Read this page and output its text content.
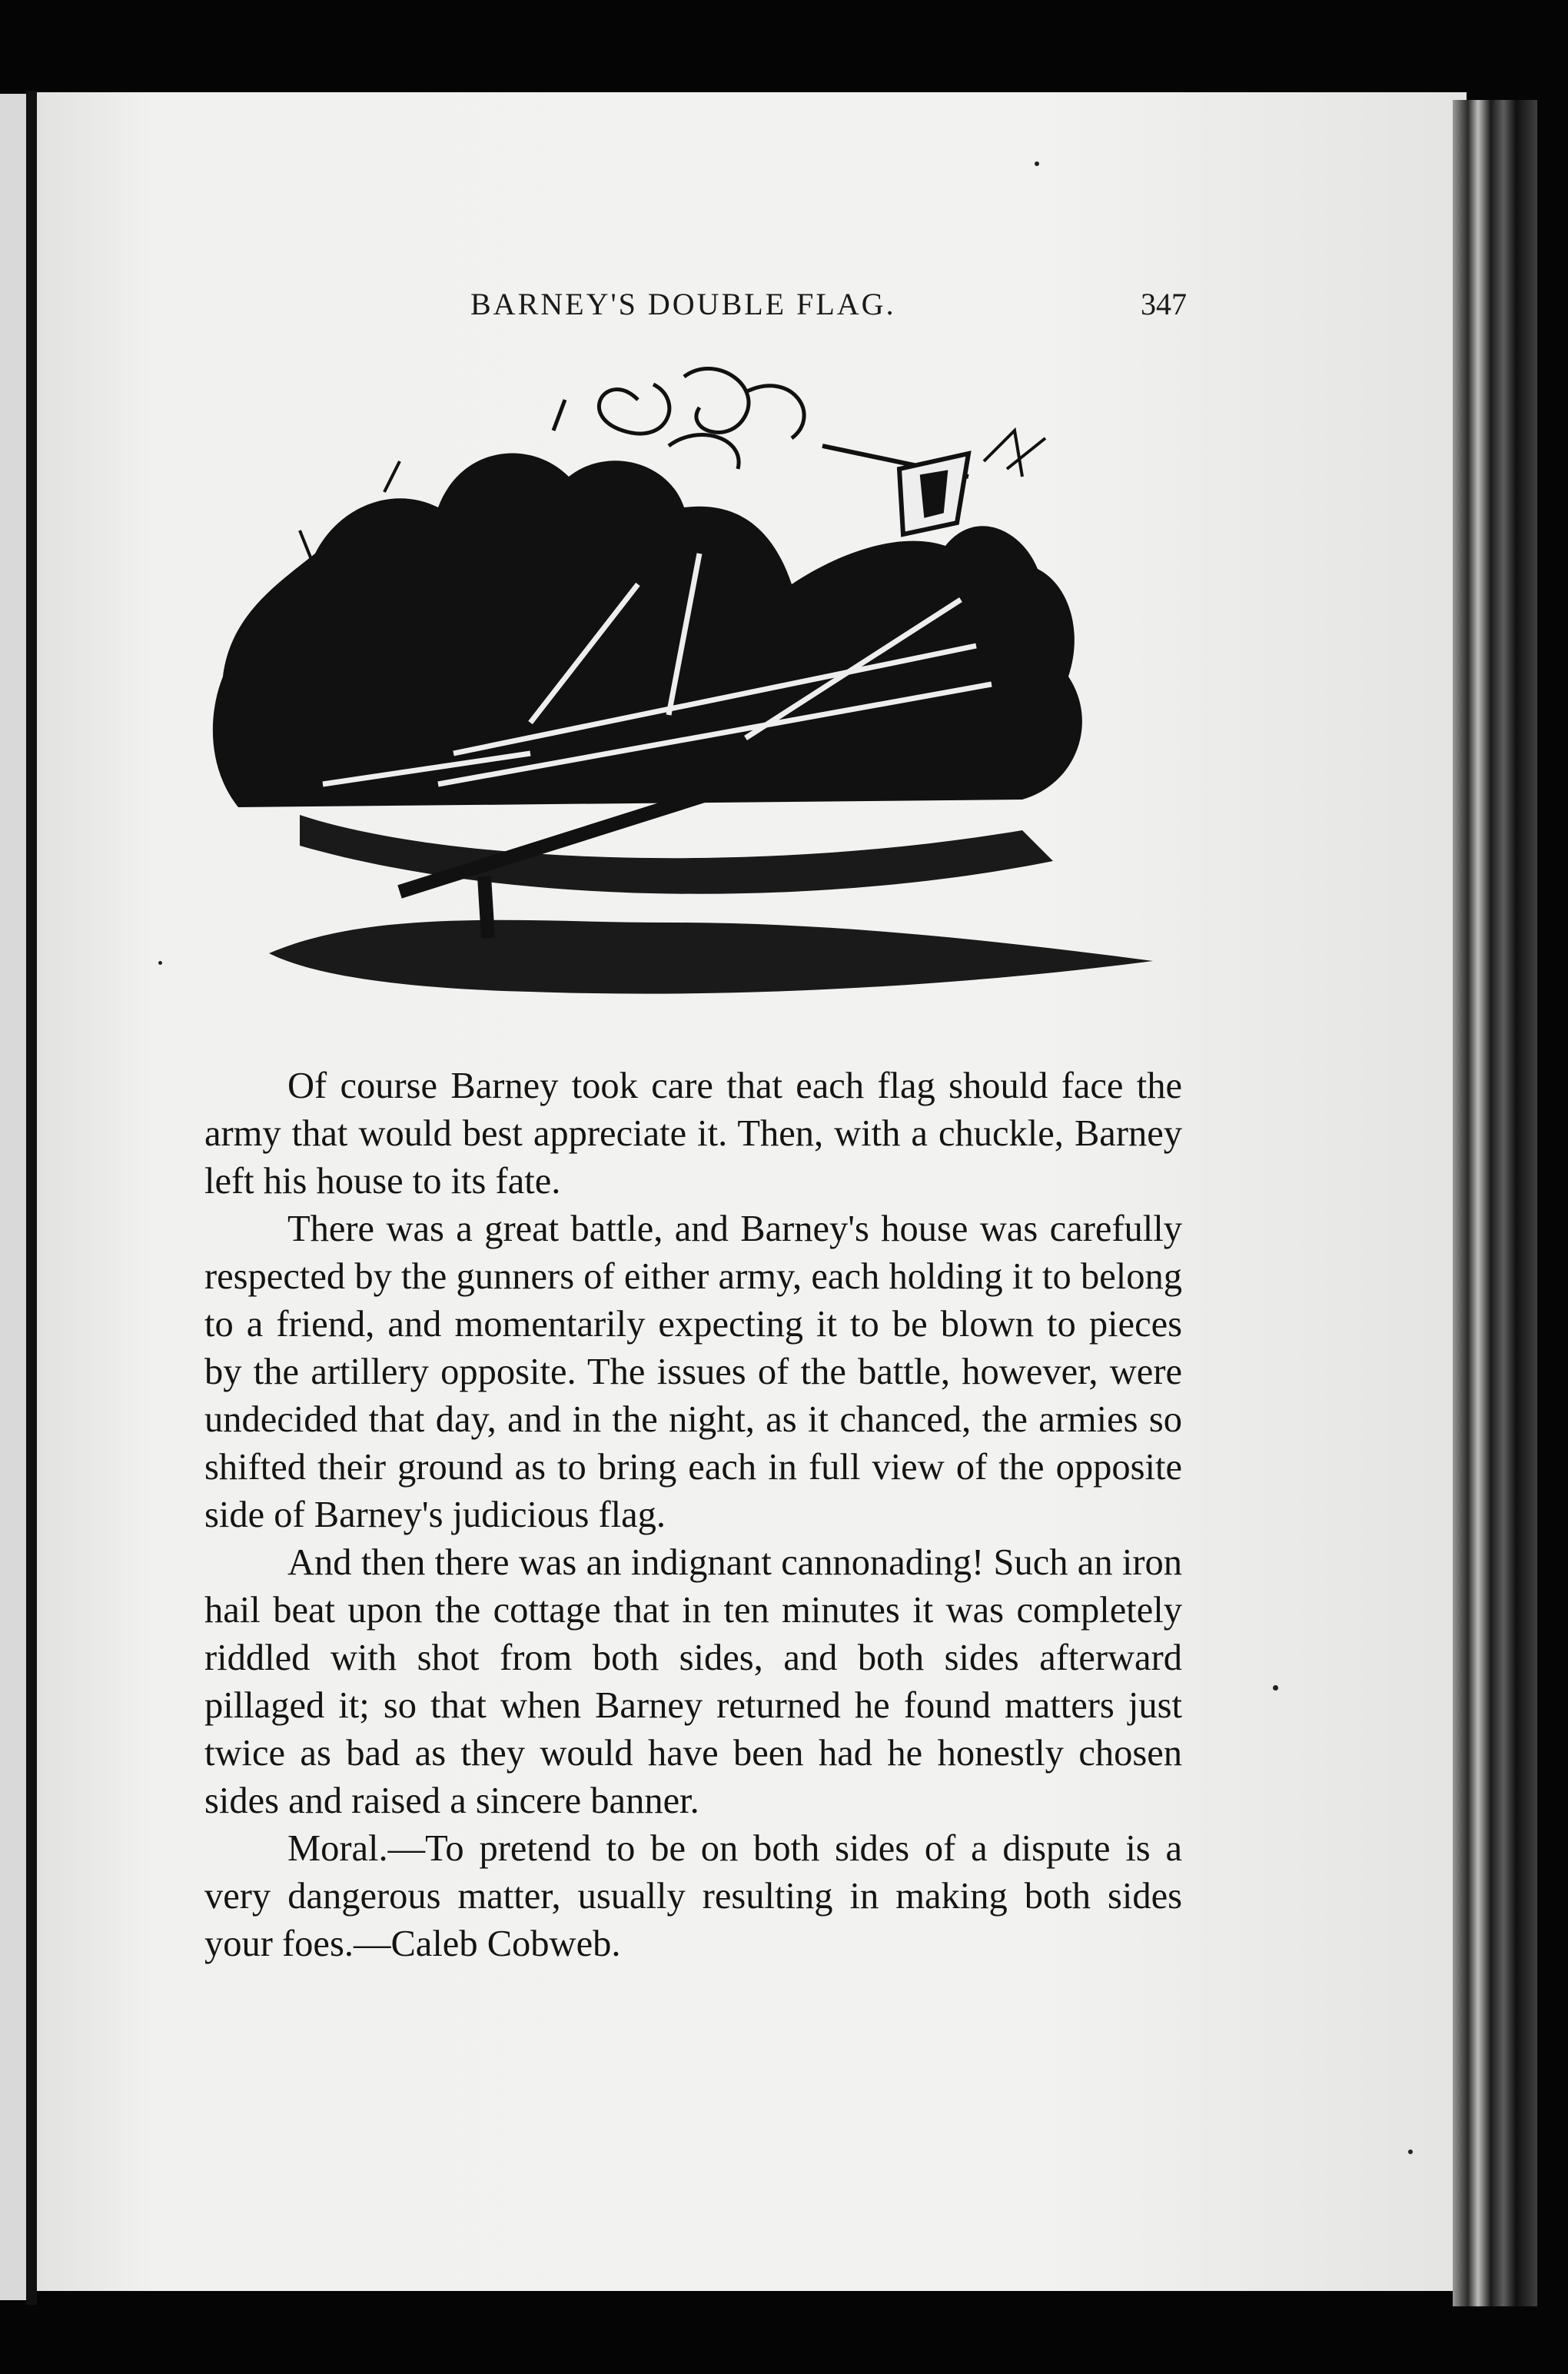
BARNEY'S DOUBLE FLAG.	347

Of course Barney took care that each flag should face the army that would best appreciate it. Then, with a chuckle, Barney left his house to its fate.

There was a great battle, and Barney's house was carefully respected by the gunners of either army, each holding it to belong to a friend, and momentarily expecting it to be blown to pieces by the artillery opposite. The issues of the battle, however, were undecided that day, and in the night, as it chanced, the armies so shifted their ground as to bring each in full view of the opposite side of Barney's judicious flag.

And then there was an indignant cannonading! Such an iron hail beat upon the cottage that in ten minutes it was completely riddled with shot from both sides, and both sides afterward pillaged it; so that when Barney returned he found matters just twice as bad as they would have been had he honestly chosen sides and raised a sincere banner.

Moral.—To pretend to be on both sides of a dispute is a very dangerous matter, usually resulting in making both sides your foes.—Caleb Cobweb.
